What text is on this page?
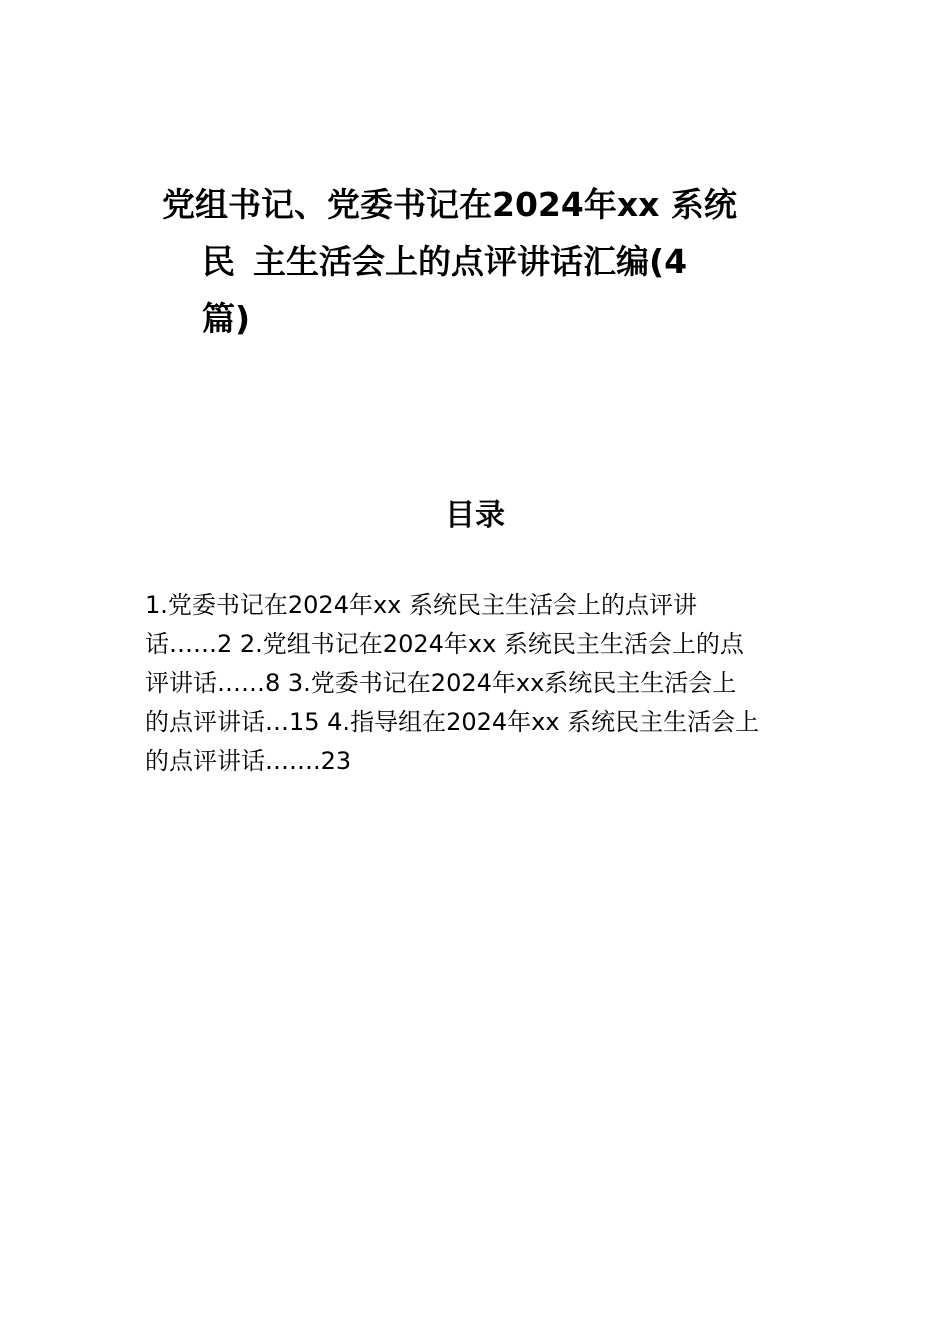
党组书记、党委书记在2024年xx 系统
民 主生活会上的点评讲话汇编(4
篇)
目录
1.党委书记在2024年xx 系统民主生活会上的点评讲
话……2 2.党组书记在2024年xx 系统民主生活会上的点
评讲话……8 3.党委书记在2024年xx系统民主生活会上
的点评讲话…15 4.指导组在2024年xx 系统民主生活会上
的点评讲话…….23
